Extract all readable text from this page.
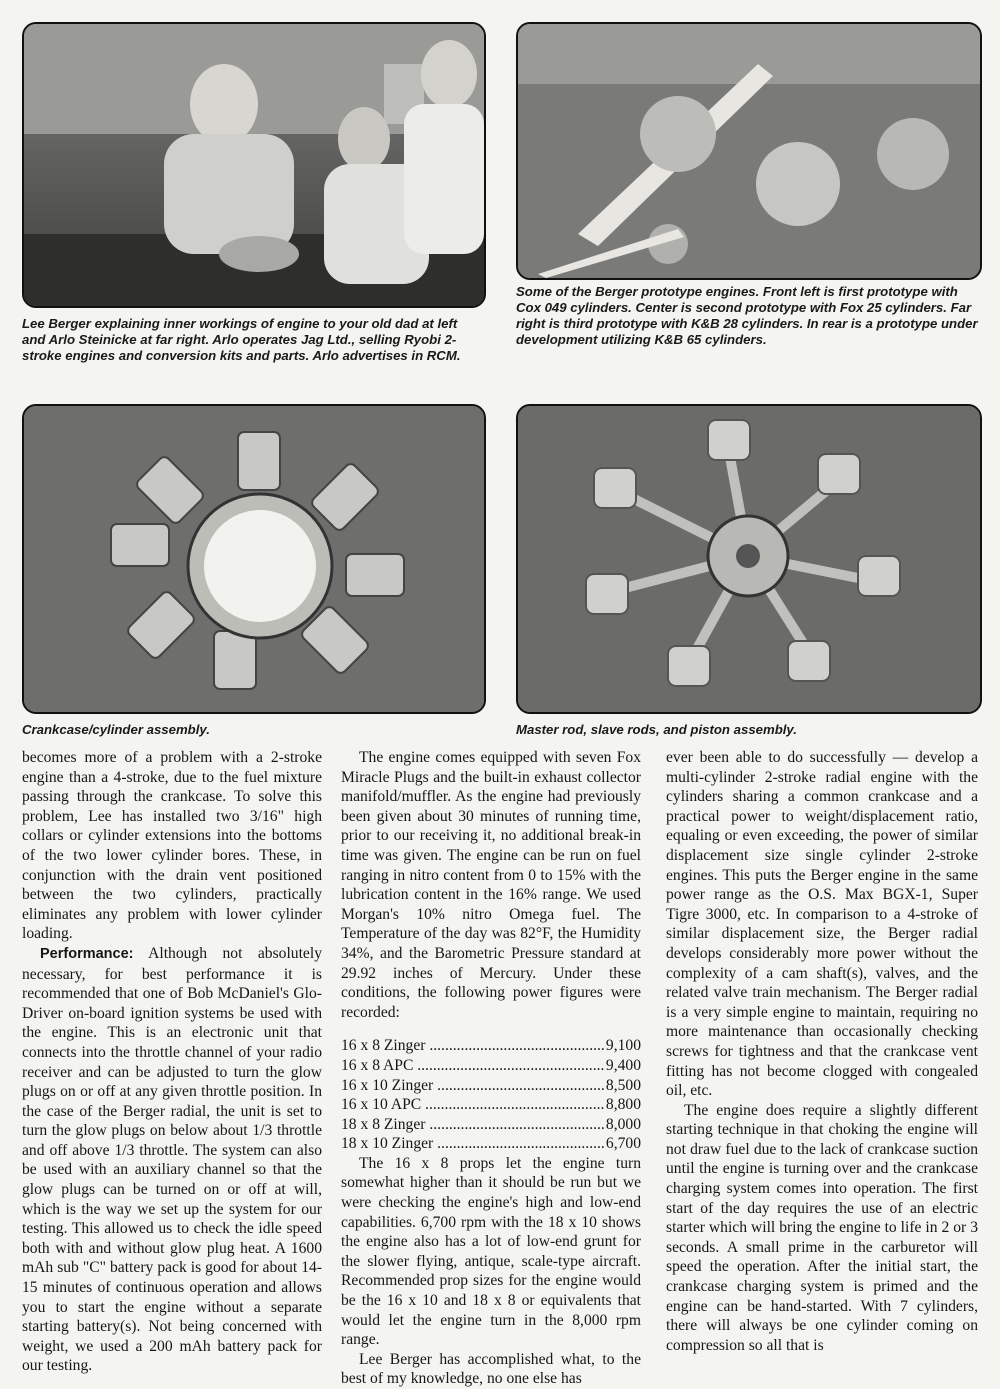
Lee Berger explaining inner workings of engine to your old dad at left and Arlo Steinicke at far right. Arlo operates Jag Ltd., selling Ryobi 2-stroke engines and conversion kits and parts. Arlo advertises in RCM.

Some of the Berger prototype engines. Front left is first prototype with Cox 049 cylinders. Center is second prototype with Fox 25 cylinders. Far right is third prototype with K&B 28 cylinders. In rear is a prototype under development utilizing K&B 65 cylinders.

Crankcase/cylinder assembly.	Master rod, slave rods, and piston assembly.

becomes more of a problem with a 2-stroke engine than a 4-stroke, due to the fuel mixture passing through the crankcase. To solve this problem, Lee has installed two 3/16" high collars or cylinder extensions into the bottoms of the two lower cylinder bores. These, in conjunction with the drain vent positioned between the two cylinders, practically eliminates any problem with lower cylinder loading.

Performance: Although not absolutely necessary, for best performance it is recommended that one of Bob McDaniel's Glo-Driver on-board ignition systems be used with the engine. This is an electronic unit that connects into the throttle channel of your radio receiver and can be adjusted to turn the glow plugs on or off at any given throttle position. In the case of the Berger radial, the unit is set to turn the glow plugs on below about 1/3 throttle and off above 1/3 throttle. The system can also be used with an auxiliary channel so that the glow plugs can be turned on or off at will, which is the way we set up the system for our testing. This allowed us to check the idle speed both with and without glow plug heat. A 1600 mAh sub "C" battery pack is good for about 14-15 minutes of continuous operation and allows you to start the engine without a separate starting battery(s). Not being concerned with weight, we used a 200 mAh battery pack for our testing.

The engine comes equipped with seven Fox Miracle Plugs and the built-in exhaust collector manifold/muffler. As the engine had previously been given about 30 minutes of running time, prior to our receiving it, no additional break-in time was given. The engine can be run on fuel ranging in nitro content from 0 to 15% with the lubrication content in the 16% range. We used Morgan's 10% nitro Omega fuel. The Temperature of the day was 82°F, the Humidity 34%, and the Barometric Pressure standard at 29.92 inches of Mercury. Under these conditions, the following power figures were recorded:

16 x 8 Zinger .....	9,100
16 x 8 APC .....	9,400
16 x 10 Zinger .....	8,500
16 x 10 APC .....	8,800
18 x 8 Zinger .....	8,000
18 x 10 Zinger .....	6,700

The 16 x 8 props let the engine turn somewhat higher than it should be run but we were checking the engine's high and low-end capabilities. 6,700 rpm with the 18 x 10 shows the engine also has a lot of low-end grunt for the slower flying, antique, scale-type aircraft. Recommended prop sizes for the engine would be the 16 x 10 and 18 x 8 or equivalents that would let the engine turn in the 8,000 rpm range.

Lee Berger has accomplished what, to the best of my knowledge, no one else has

ever been able to do successfully — develop a multi-cylinder 2-stroke radial engine with the cylinders sharing a common crankcase and a practical power to weight/displacement ratio, equaling or even exceeding, the power of similar displacement size single cylinder 2-stroke engines. This puts the Berger engine in the same power range as the O.S. Max BGX-1, Super Tigre 3000, etc. In comparison to a 4-stroke of similar displacement size, the Berger radial develops considerably more power without the complexity of a cam shaft(s), valves, and the related valve train mechanism. The Berger radial is a very simple engine to maintain, requiring no more maintenance than occasionally checking screws for tightness and that the crankcase vent fitting has not become clogged with congealed oil, etc.

The engine does require a slightly different starting technique in that choking the engine will not draw fuel due to the lack of crankcase suction until the engine is turning over and the crankcase charging system comes into operation. The first start of the day requires the use of an electric starter which will bring the engine to life in 2 or 3 seconds. A small prime in the carburetor will speed the operation. After the initial start, the crankcase charging system is primed and the engine can be hand-started. With 7 cylinders, there will always be one cylinder coming on compression so all that is
